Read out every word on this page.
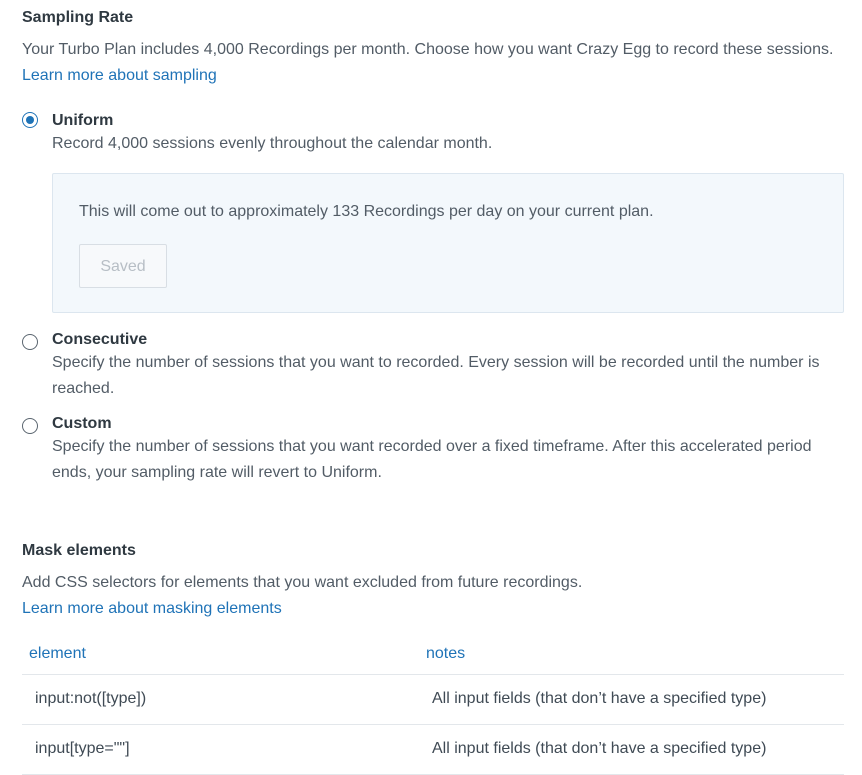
Sampling Rate

Your Turbo Plan includes 4,000 Recordings per month. Choose how you want Crazy Egg to record these sessions. Learn more about sampling

Uniform

Record 4,000 sessions evenly throughout the calendar month.

This will come out to approximately 133 Recordings per day on your current plan.
Saved
Consecutive

Specify the number of sessions that you want to recorded. Every session will be recorded until the number is reached.

Custom

Specify the number of sessions that you want recorded over a fixed timeframe. After this accelerated period ends, your sampling rate will revert to Uniform.

Mask elements

Add CSS selectors for elements that you want excluded from future recordings.
Learn more about masking elements

element	notes
input:not([type])	All input fields (that don’t have a specified type)
input[type=""]	All input fields (that don’t have a specified type)
